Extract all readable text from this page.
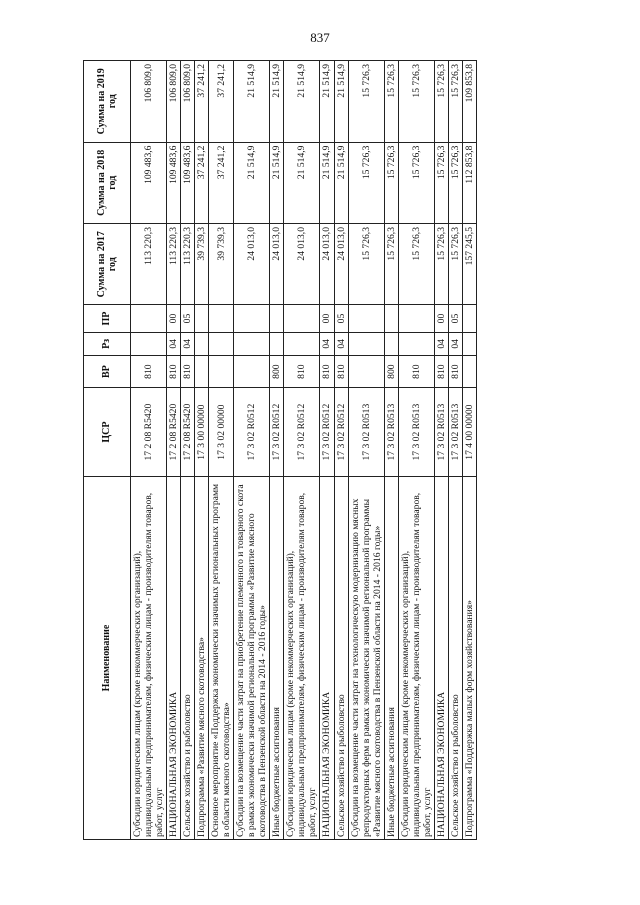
837
Наименование	ЦСР	ВР	Рз	ПР	Сумма на 2017 год	Сумма на 2018 год	Сумма на 2019 год
Субсидии юридическим лицам (кроме некоммерческих организаций), индивидуальным предпринимателям, физическим лицам - производителям товаров, работ, услуг	17 2 08 R5420	810			113 220,3	109 483,6	106 809,0
НАЦИОНАЛЬНАЯ ЭКОНОМИКА	17 2 08 R5420	810	04	00	113 220,3	109 483,6	106 809,0
Сельское хозяйство и рыболовство	17 2 08 R5420	810	04	05	113 220,3	109 483,6	106 809,0
Подпрограмма «Развитие мясного скотоводства»	17 3 00 00000				39 739,3	37 241,2	37 241,2
Основное мероприятие «Поддержка экономически значимых региональных программ в области мясного скотоводства»	17 3 02 00000				39 739,3	37 241,2	37 241,2
Субсидии на возмещение части затрат на приобретение племенного и товарного скота в рамках экономически значимой региональной программы «Развитие мясного скотоводства в Пензенской области на 2014 - 2016 годы»	17 3 02 R0512				24 013,0	21 514,9	21 514,9
Иные бюджетные ассигнования	17 3 02 R0512	800			24 013,0	21 514,9	21 514,9
Субсидии юридическим лицам (кроме некоммерческих организаций), индивидуальным предпринимателям, физическим лицам - производителям товаров, работ, услуг	17 3 02 R0512	810			24 013,0	21 514,9	21 514,9
НАЦИОНАЛЬНАЯ ЭКОНОМИКА	17 3 02 R0512	810	04	00	24 013,0	21 514,9	21 514,9
Сельское хозяйство и рыболовство	17 3 02 R0512	810	04	05	24 013,0	21 514,9	21 514,9
Субсидии на возмещение части затрат на технологическую модернизацию мясных репродукторных ферм в рамках экономически значимой региональной программы «Развитие мясного скотоводства в Пензенской области на 2014 - 2016 годы»	17 3 02 R0513				15 726,3	15 726,3	15 726,3
Иные бюджетные ассигнования	17 3 02 R0513	800			15 726,3	15 726,3	15 726,3
Субсидии юридическим лицам (кроме некоммерческих организаций), индивидуальным предпринимателям, физическим лицам - производителям товаров, работ, услуг	17 3 02 R0513	810			15 726,3	15 726,3	15 726,3
НАЦИОНАЛЬНАЯ ЭКОНОМИКА	17 3 02 R0513	810	04	00	15 726,3	15 726,3	15 726,3
Сельское хозяйство и рыболовство	17 3 02 R0513	810	04	05	15 726,3	15 726,3	15 726,3
Подпрограмма «Поддержка малых форм хозяйствования»	17 4 00 00000				157 245,5	112 853,8	109 853,8
